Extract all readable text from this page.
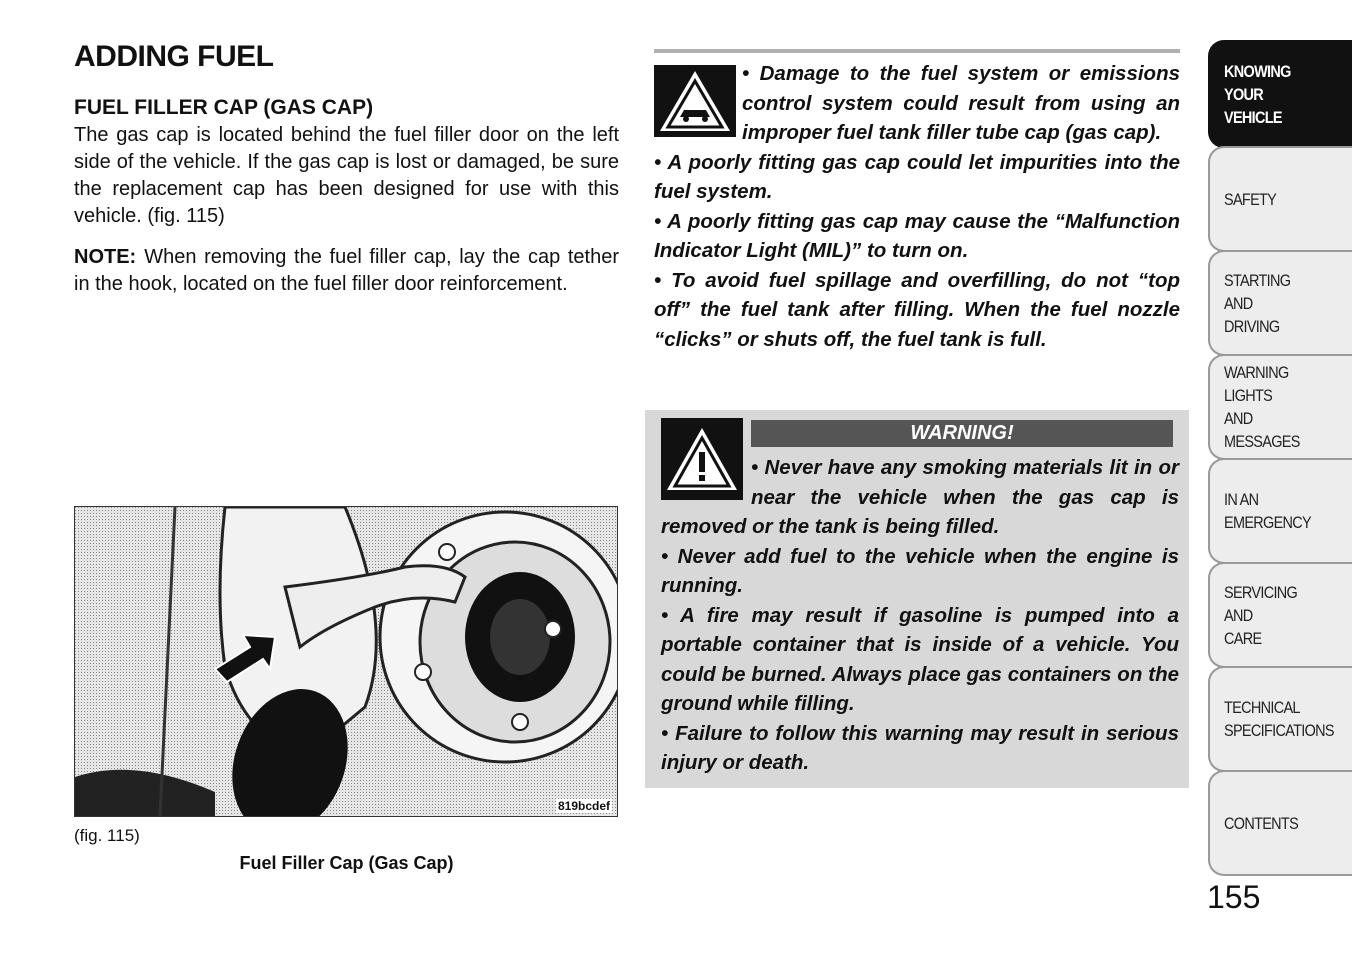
ADDING FUEL
FUEL FILLER CAP (GAS CAP)

The gas cap is located behind the fuel filler door on the left side of the vehicle. If the gas cap is lost or damaged, be sure the replacement cap has been designed for use with this vehicle. (fig. 115)

NOTE: When removing the fuel filler cap, lay the cap tether in the hook, located on the fuel filler door reinforcement.

819bcdef
(fig. 115)
Fuel Filler Cap (Gas Cap)

• Damage to the fuel system or emissions control system could result from using an improper fuel tank filler tube cap (gas cap).

• A poorly fitting gas cap could let impurities into the fuel system.

• A poorly fitting gas cap may cause the “Malfunction Indicator Light (MIL)” to turn on.

• To avoid fuel spillage and overfilling, do not “top off” the fuel tank after filling. When the fuel nozzle “clicks” or shuts off, the fuel tank is full.

WARNING!

• Never have any smoking materials lit in or near the vehicle when the gas cap is removed or the tank is being filled.

• Never add fuel to the vehicle when the engine is running.

• A fire may result if gasoline is pumped into a portable container that is inside of a vehicle. You could be burned. Always place gas containers on the ground while filling.

• Failure to follow this warning may result in serious injury or death.

KNOWING
YOUR
VEHICLE
SAFETY
STARTING
AND
DRIVING
WARNING
LIGHTS
AND
MESSAGES
IN AN
EMERGENCY
SERVICING
AND
CARE
TECHNICAL
SPECIFICATIONS
CONTENTS
155
